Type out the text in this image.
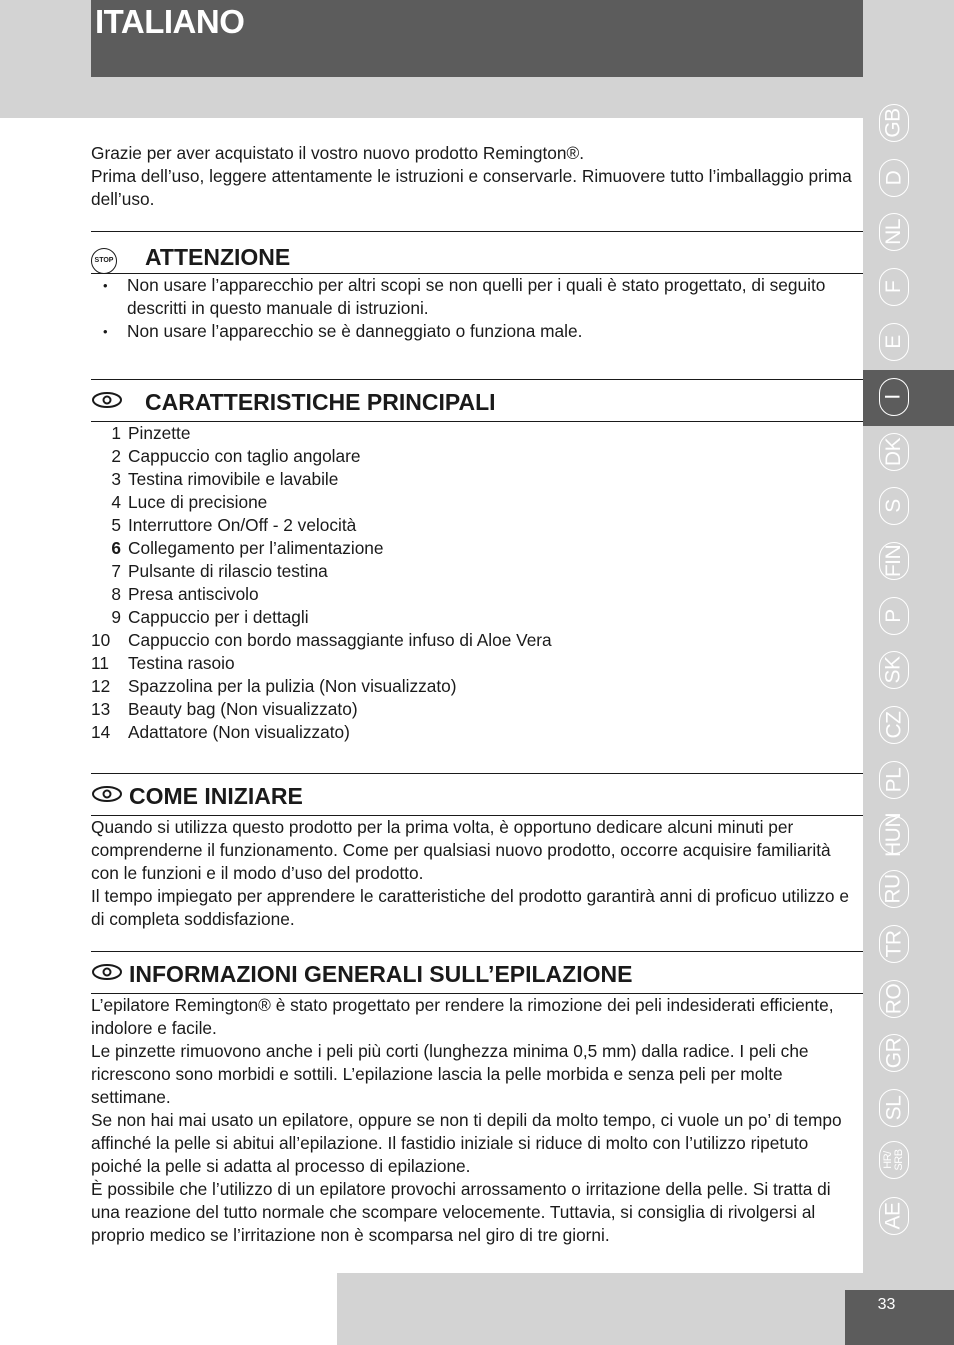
ITALIANO
GB
D
NL
F
E
I
DK
S
FIN
P
SK
CZ
PL
HUN
RU
TR
RO
GR
SL
HR/ SRB
AE
33

Grazie per aver acquistato il vostro nuovo prodotto Remington®.

Prima dell’uso, leggere attentamente le istruzioni e conservarle. Rimuovere tutto l’imballaggio prima dell’uso.

STOP	ATTENZIONE
• Non usare l’apparecchio per altri scopi se non quelli per i quali è stato progettato, di seguito descritti in questo manuale di istruzioni.
• Non usare l’apparecchio se è danneggiato o funziona male.
CARATTERISTICHE PRINCIPALI
1 Pinzette
2 Cappuccio con taglio angolare
3 Testina rimovibile e lavabile
4 Luce di precisione
5 Interruttore On/Off - 2 velocità
6 Collegamento per l’alimentazione
7 Pulsante di rilascio testina
8 Presa antiscivolo
9 Cappuccio per i dettagli
10	Cappuccio con bordo massaggiante infuso di Aloe Vera
11	Testina rasoio
12	Spazzolina per la pulizia (Non visualizzato)
13	Beauty bag (Non visualizzato)
14	Adattatore (Non visualizzato)
COME INIZIARE

Quando si utilizza questo prodotto per la prima volta, è opportuno dedicare alcuni minuti per comprenderne il funzionamento. Come per qualsiasi nuovo prodotto, occorre acquisire familiarità con le funzioni e il modo d’uso del prodotto.

Il tempo impiegato per apprendere le caratteristiche del prodotto garantirà anni di proficuo utilizzo e di completa soddisfazione.

INFORMAZIONI GENERALI SULL’EPILAZIONE

L’epilatore Remington® è stato progettato per rendere la rimozione dei peli indesiderati efficiente, indolore e facile.

Le pinzette rimuovono anche i peli più corti (lunghezza minima 0,5 mm) dalla radice. I peli che ricrescono sono morbidi e sottili. L’epilazione lascia la pelle morbida e senza peli per molte settimane.

Se non hai mai usato un epilatore, oppure se non ti depili da molto tempo, ci vuole un po’ di tempo affinché la pelle si abitui all’epilazione. Il fastidio iniziale si riduce di molto con l’utilizzo ripetuto poiché la pelle si adatta al processo di epilazione.

È possibile che l’utilizzo di un epilatore provochi arrossamento o irritazione della pelle. Si tratta di una reazione del tutto normale che scompare velocemente. Tuttavia, si consiglia di rivolgersi al proprio medico se l’irritazione non è scomparsa nel giro di tre giorni.
